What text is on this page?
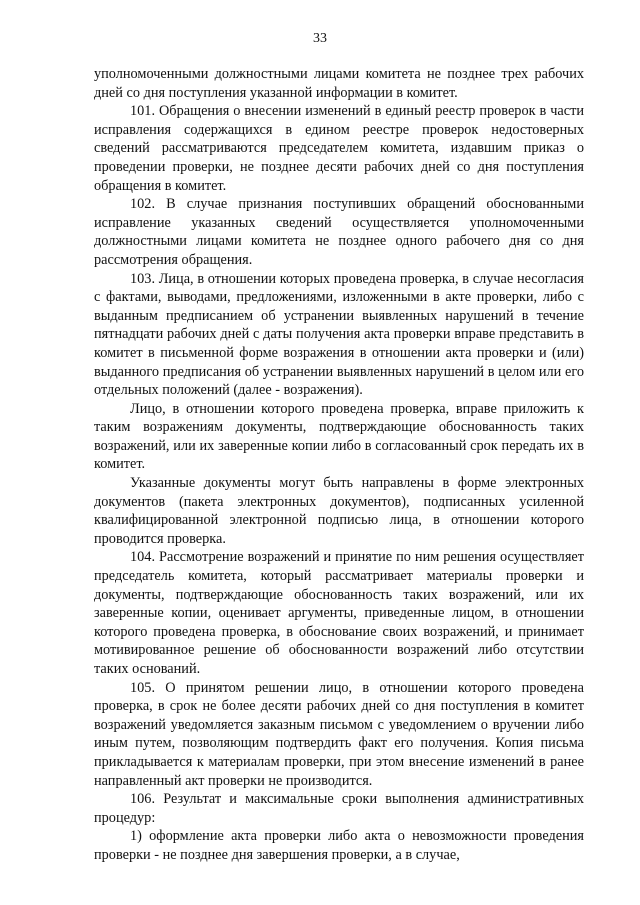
33

уполномоченными должностными лицами комитета не позднее трех рабочих дней со дня поступления указанной информации в комитет.

101. Обращения о внесении изменений в единый реестр проверок в части исправления содержащихся в едином реестре проверок недостоверных сведений рассматриваются председателем комитета, издавшим приказ о проведении проверки, не позднее десяти рабочих дней со дня поступления обращения в комитет.

102. В случае признания поступивших обращений обоснованными исправление указанных сведений осуществляется уполномоченными должностными лицами комитета не позднее одного рабочего дня со дня рассмотрения обращения.

103. Лица, в отношении которых проведена проверка, в случае несогласия с фактами, выводами, предложениями, изложенными в акте проверки, либо с выданным предписанием об устранении выявленных нарушений в течение пятнадцати рабочих дней с даты получения акта проверки вправе представить в комитет в письменной форме возражения в отношении акта проверки и (или) выданного предписания об устранении выявленных нарушений в целом или его отдельных положений (далее - возражения).

Лицо, в отношении которого проведена проверка, вправе приложить к таким возражениям документы, подтверждающие обоснованность таких возражений, или их заверенные копии либо в согласованный срок передать их в комитет.

Указанные документы могут быть направлены в форме электронных документов (пакета электронных документов), подписанных усиленной квалифицированной электронной подписью лица, в отношении которого проводится проверка.

104. Рассмотрение возражений и принятие по ним решения осуществляет председатель комитета, который рассматривает материалы проверки и документы, подтверждающие обоснованность таких возражений, или их заверенные копии, оценивает аргументы, приведенные лицом, в отношении которого проведена проверка, в обоснование своих возражений, и принимает мотивированное решение об обоснованности возражений либо отсутствии таких оснований.

105. О принятом решении лицо, в отношении которого проведена проверка, в срок не более десяти рабочих дней со дня поступления в комитет возражений уведомляется заказным письмом с уведомлением о вручении либо иным путем, позволяющим подтвердить факт его получения. Копия письма прикладывается к материалам проверки, при этом внесение изменений в ранее направленный акт проверки не производится.

106. Результат и максимальные сроки выполнения административных процедур:

1) оформление акта проверки либо акта о невозможности проведения проверки - не позднее дня завершения проверки, а в случае,
